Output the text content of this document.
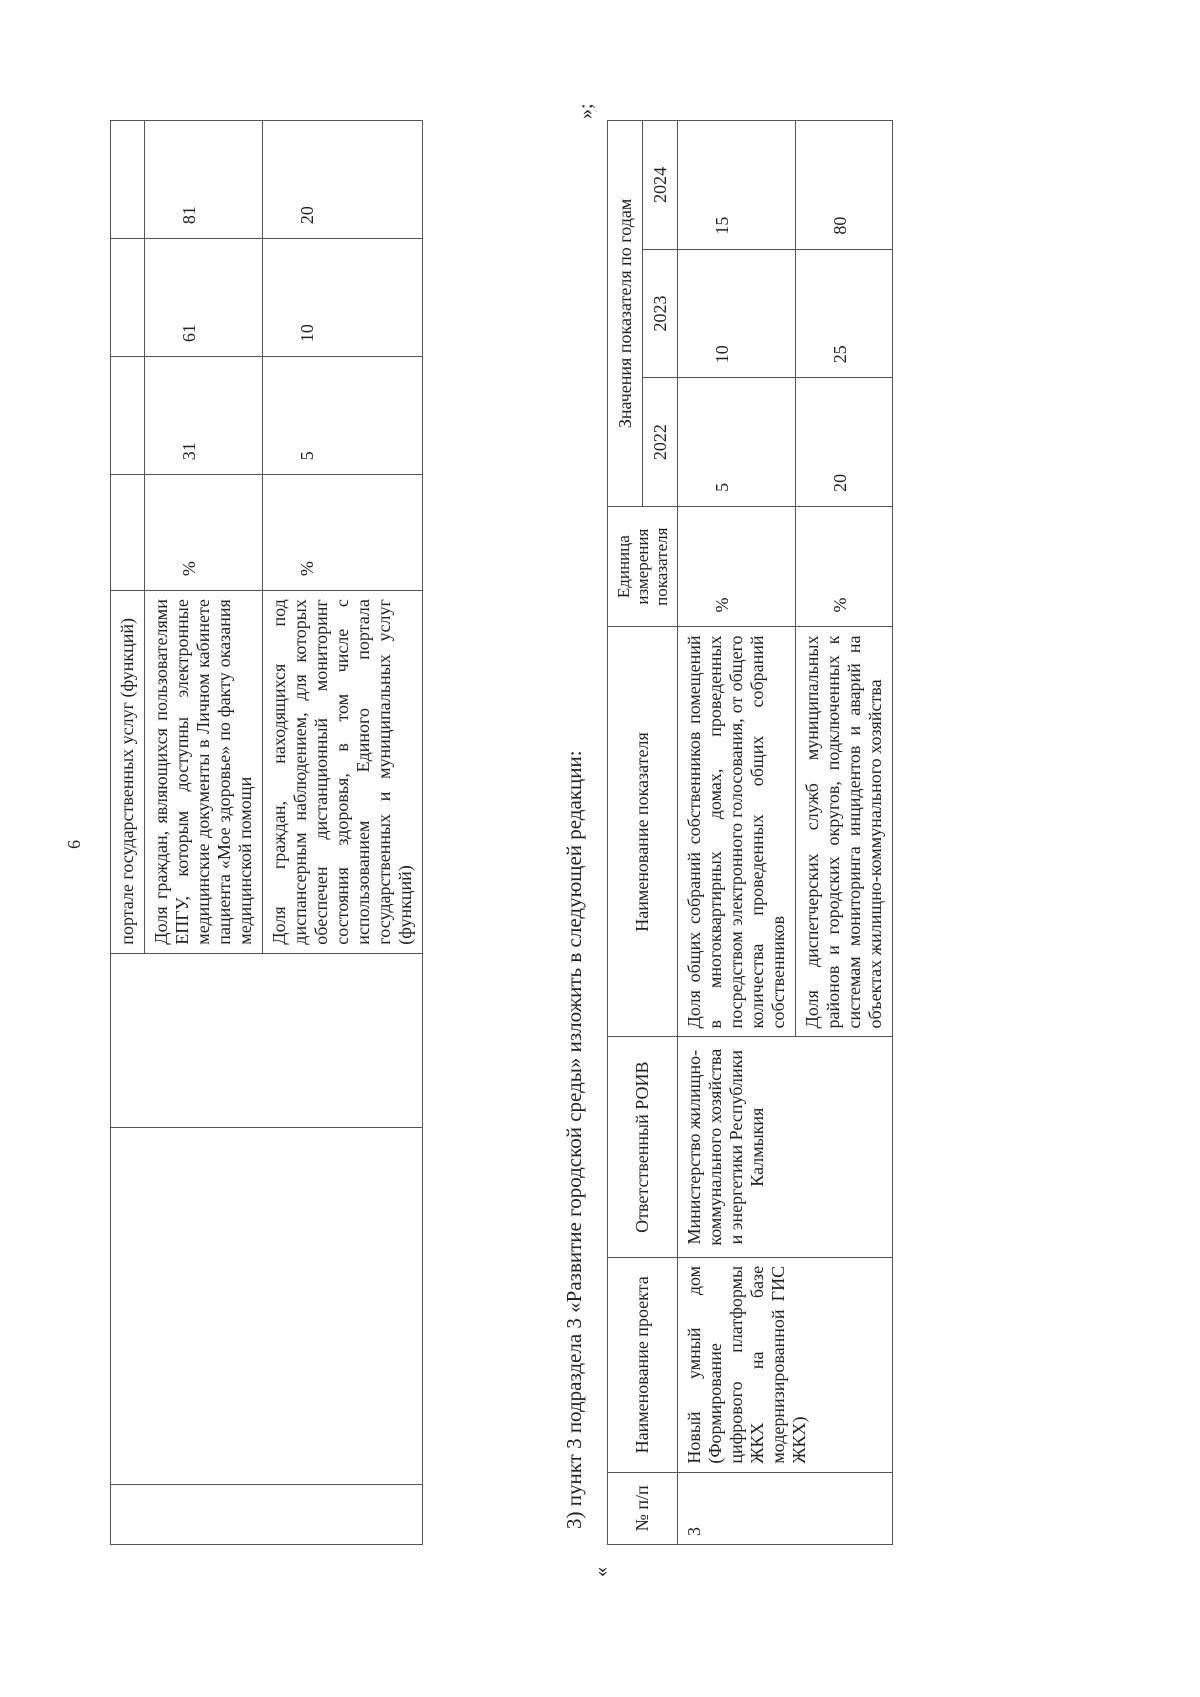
6
			портале государственных услуг (функций)				
			Доля граждан, являющихся пользователями ЕПГУ, которым доступны электронные медицинские документы в Личном кабинете пациента «Мое здоровье» по факту оказания медицинской помощи	%	31	61	81
			Доля граждан, находящихся под диспансерным наблюдением, для которых обеспечен дистанционный мониторинг состояния здоровья, в том числе с использованием Единого портала государственных и муниципальных услуг (функций)	%	5	10	20
»;
3) пункт 3 подраздела 3 «Развитие городской среды» изложить в следующей редакции:
«
№ п/п	Наименование проекта	Ответственный РОИВ	Наименование показателя	Единица измерения показателя	Значения показателя по годам		
					2022	2023	2024
3	Новый умный дом (Формирование цифрового платформы ЖКХ на базе модернизированной ГИС ЖКХ)	Министерство жилищно-коммунального хозяйства и энергетики Республики Калмыкия	Доля общих собраний собственников помещений в многоквартирных домах, проведенных посредством электронного голосования, от общего количества проведенных общих собраний собственников	%	5	10	15
			Доля диспетчерских служб муниципальных районов и городских округов, подключенных к системам мониторинга инцидентов и аварий на объектах жилищно-коммунального хозяйства	%	20	25	80
